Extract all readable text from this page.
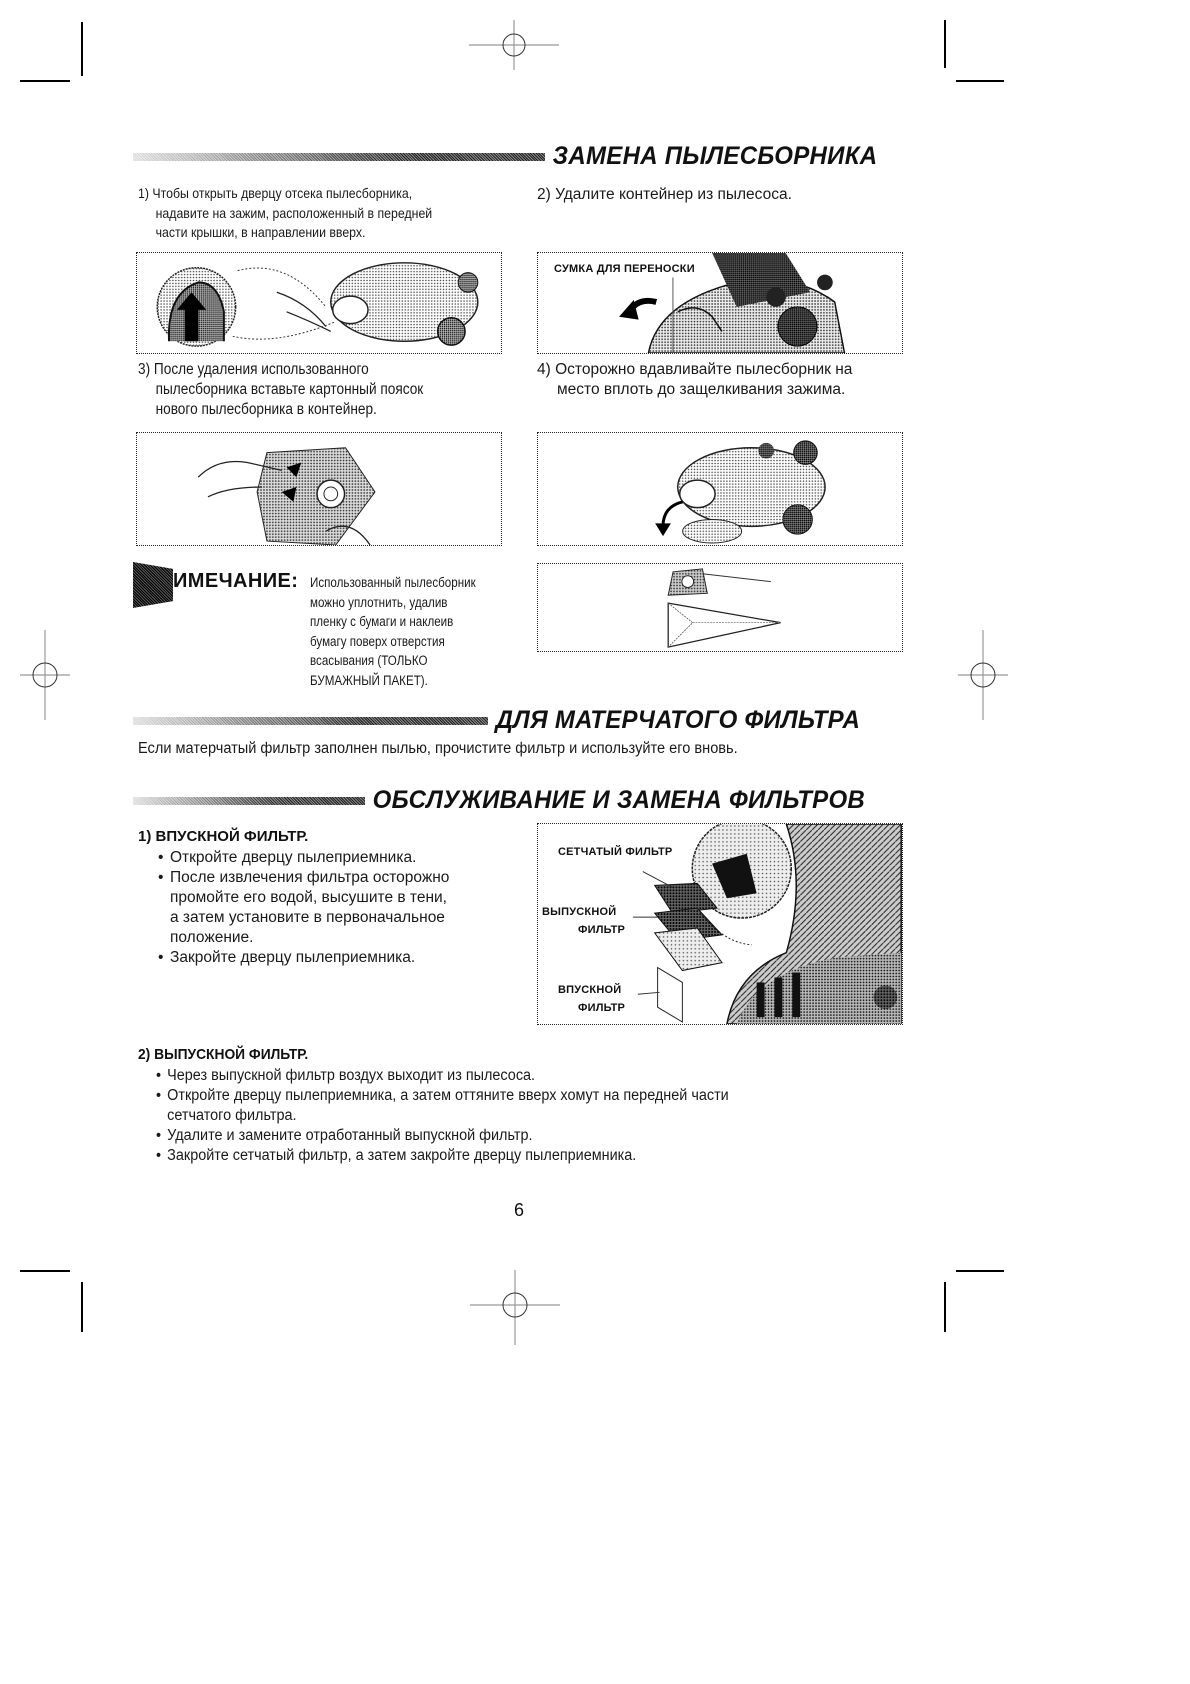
ЗАМЕНА ПЫЛЕСБОРНИКА
1) Чтобы открыть дверцу отсека пылесборника,
надавите на зажим, расположенный в передней
части крышки, в направлении вверх.
2) Удалите контейнер из пылесоса.
СУМКА ДЛЯ ПЕРЕНОСКИ
3) После удаления использованного
пылесборника вставьте картонный поясок
нового пылесборника в контейнер.
4) Осторожно вдавливайте пылесборник на
место вплоть до защелкивания зажима.
ИМЕЧАНИЕ: Использованный пылесборник
можно уплотнить, удалив
пленку с бумаги и наклеив
бумагу поверх отверстия
всасывания (ТОЛЬКО
БУМАЖНЫЙ ПАКЕТ).
ДЛЯ МАТЕРЧАТОГО ФИЛЬТРА
Если матерчатый фильтр заполнен пылью, прочистите фильтр и используйте его вновь.
ОБСЛУЖИВАНИЕ И ЗАМЕНА ФИЛЬТРОВ
1) ВПУСКНОЙ ФИЛЬТР.
• Откройте дверцу пылеприемника.
• После извлечения фильтра осторожно
промойте его водой, высушите в тени,
а затем установите в первоначальное
положение.
• Закройте дверцу пылеприемника.
СЕТЧАТЫЙ ФИЛЬТР
ВЫПУСКНОЙ
ФИЛЬТР
ВПУСКНОЙ
ФИЛЬТР
2) ВЫПУСКНОЙ ФИЛЬТР.
• Через выпускной фильтр воздух выходит из пылесоса.
• Откройте дверцу пылеприемника, а затем оттяните вверх хомут на передней части
сетчатого фильтра.
• Удалите и замените отработанный выпускной фильтр.
• Закройте сетчатый фильтр, а затем закройте дверцу пылеприемника.
6
